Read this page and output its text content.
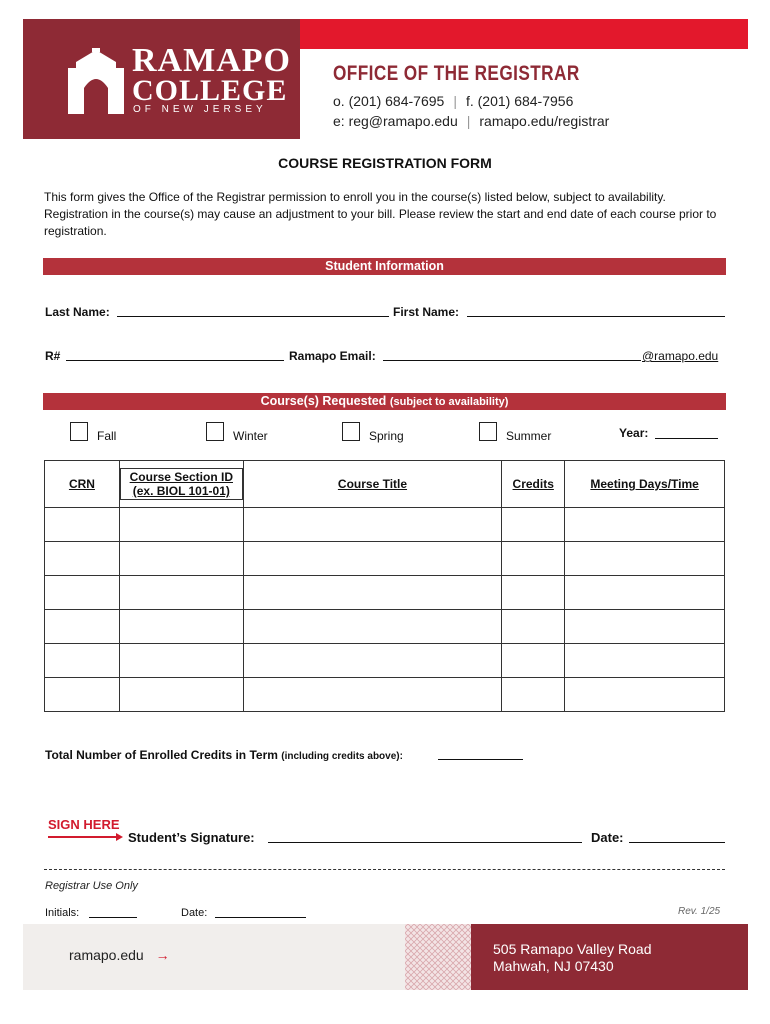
RAMAPO
COLLEGE
OF NEW JERSEY
OFFICE OF THE REGISTRAR
o. (201) 684-7695 | f. (201) 684-7956
e: reg@ramapo.edu | ramapo.edu/registrar
COURSE REGISTRATION FORM
This form gives the Office of the Registrar permission to enroll you in the course(s) listed below, subject to availability. Registration in the course(s) may cause an adjustment to your bill. Please review the start and end date of each course prior to registration.
Student Information
Last Name:	First Name:
R#	Ramapo Email:	@ramapo.edu
Course(s) Requested (subject to availability)
Fall	Winter	Spring	Summer	Year:
CRN	Course Section ID (ex. BIOL 101-01)	Course Title	Credits	Meeting Days/Time

Total Number of Enrolled Credits in Term (including credits above):
SIGN HERE
Student’s Signature:	Date:
Registrar Use Only
Initials:	Date:	Rev. 1/25
ramapo.edu →	505 Ramapo Valley Road
Mahwah, NJ 07430
